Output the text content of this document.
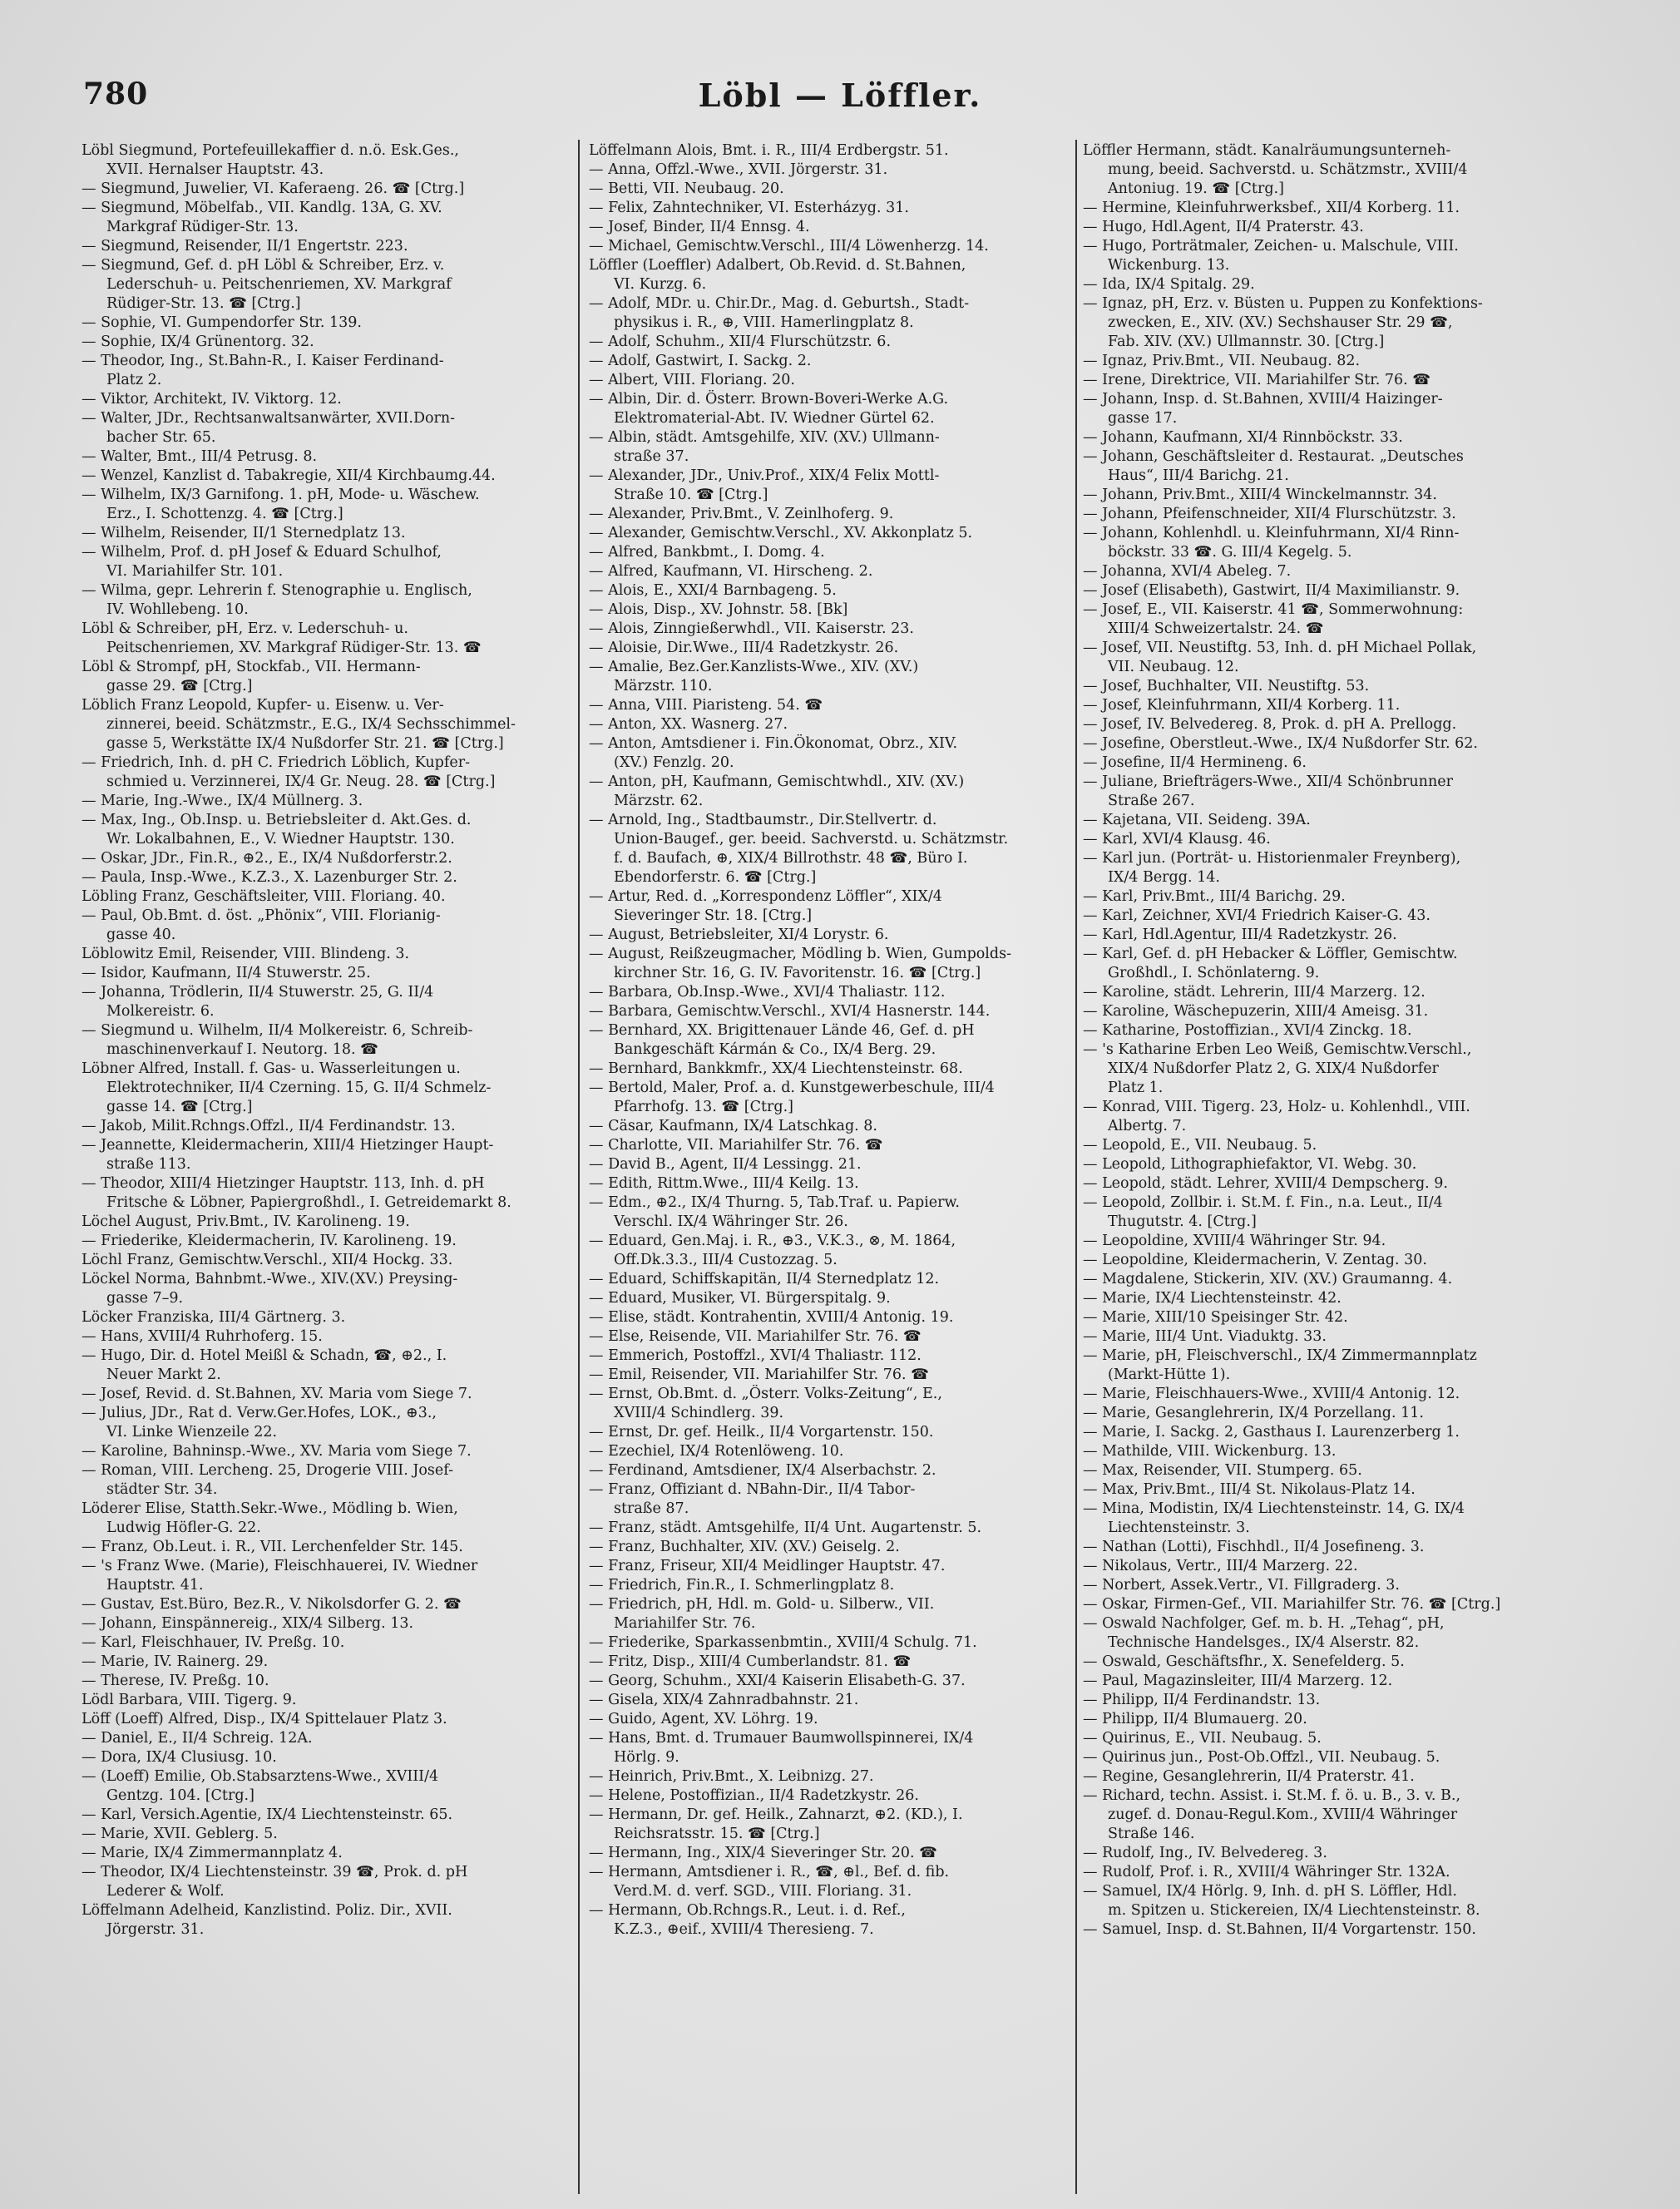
780	Löbl — Löffler.
Löbl Siegmund, Portefeuillekaffier d. n.ö. Esk.Ges.,
XVII. Hernalser Hauptstr. 43.
— Siegmund, Juwelier, VI. Kaferaeng. 26. ☎ [Ctrg.]
— Siegmund, Möbelfab., VII. Kandlg. 13A, G. XV.
Markgraf Rüdiger-Str. 13.
— Siegmund, Reisender, II/1 Engertstr. 223.
— Siegmund, Gef. d. pH Löbl & Schreiber, Erz. v.
Lederschuh- u. Peitschenriemen, XV. Markgraf
Rüdiger-Str. 13. ☎ [Ctrg.]
— Sophie, VI. Gumpendorfer Str. 139.
— Sophie, IX/4 Grünentorg. 32.
— Theodor, Ing., St.Bahn-R., I. Kaiser Ferdinand-
Platz 2.
— Viktor, Architekt, IV. Viktorg. 12.
— Walter, JDr., Rechtsanwaltsanwärter, XVII.Dorn-
bacher Str. 65.
— Walter, Bmt., III/4 Petrusg. 8.
— Wenzel, Kanzlist d. Tabakregie, XII/4 Kirchbaumg.44.
— Wilhelm, IX/3 Garnifong. 1. pH, Mode- u. Wäschew.
Erz., I. Schottenzg. 4. ☎ [Ctrg.]
— Wilhelm, Reisender, II/1 Sternedplatz 13.
— Wilhelm, Prof. d. pH Josef & Eduard Schulhof,
VI. Mariahilfer Str. 101.
— Wilma, gepr. Lehrerin f. Stenographie u. Englisch,
IV. Wohllebeng. 10.
Löbl & Schreiber, pH, Erz. v. Lederschuh- u.
Peitschenriemen, XV. Markgraf Rüdiger-Str. 13. ☎
Löbl & Strompf, pH, Stockfab., VII. Hermann-
gasse 29. ☎ [Ctrg.]
Löblich Franz Leopold, Kupfer- u. Eisenw. u. Ver-
zinnerei, beeid. Schätzmstr., E.G., IX/4 Sechsschimmel-
gasse 5, Werkstätte IX/4 Nußdorfer Str. 21. ☎ [Ctrg.]
— Friedrich, Inh. d. pH C. Friedrich Löblich, Kupfer-
schmied u. Verzinnerei, IX/4 Gr. Neug. 28. ☎ [Ctrg.]
— Marie, Ing.-Wwe., IX/4 Müllnerg. 3.
— Max, Ing., Ob.Insp. u. Betriebsleiter d. Akt.Ges. d.
Wr. Lokalbahnen, E., V. Wiedner Hauptstr. 130.
— Oskar, JDr., Fin.R., ⊕2., E., IX/4 Nußdorferstr.2.
— Paula, Insp.-Wwe., K.Z.3., X. Lazenburger Str. 2.
Löbling Franz, Geschäftsleiter, VIII. Floriang. 40.
— Paul, Ob.Bmt. d. öst. „Phönix“, VIII. Florianig-
gasse 40.
Löblowitz Emil, Reisender, VIII. Blindeng. 3.
— Isidor, Kaufmann, II/4 Stuwerstr. 25.
— Johanna, Trödlerin, II/4 Stuwerstr. 25, G. II/4
Molkereistr. 6.
— Siegmund u. Wilhelm, II/4 Molkereistr. 6, Schreib-
maschinenverkauf I. Neutorg. 18. ☎
Löbner Alfred, Install. f. Gas- u. Wasserleitungen u.
Elektrotechniker, II/4 Czerning. 15, G. II/4 Schmelz-
gasse 14. ☎ [Ctrg.]
— Jakob, Milit.Rchngs.Offzl., II/4 Ferdinandstr. 13.
— Jeannette, Kleidermacherin, XIII/4 Hietzinger Haupt-
straße 113.
— Theodor, XIII/4 Hietzinger Hauptstr. 113, Inh. d. pH
Fritsche & Löbner, Papiergroßhdl., I. Getreidemarkt 8.
Löchel August, Priv.Bmt., IV. Karolineng. 19.
— Friederike, Kleidermacherin, IV. Karolineng. 19.
Löchl Franz, Gemischtw.Verschl., XII/4 Hockg. 33.
Löckel Norma, Bahnbmt.-Wwe., XIV.(XV.) Preysing-
gasse 7–9.
Löcker Franziska, III/4 Gärtnerg. 3.
— Hans, XVIII/4 Ruhrhoferg. 15.
— Hugo, Dir. d. Hotel Meißl & Schadn, ☎, ⊕2., I.
Neuer Markt 2.
— Josef, Revid. d. St.Bahnen, XV. Maria vom Siege 7.
— Julius, JDr., Rat d. Verw.Ger.Hofes, LOK., ⊕3.,
VI. Linke Wienzeile 22.
— Karoline, Bahninsp.-Wwe., XV. Maria vom Siege 7.
— Roman, VIII. Lercheng. 25, Drogerie VIII. Josef-
städter Str. 34.
Löderer Elise, Statth.Sekr.-Wwe., Mödling b. Wien,
Ludwig Höfler-G. 22.
— Franz, Ob.Leut. i. R., VII. Lerchenfelder Str. 145.
— 's Franz Wwe. (Marie), Fleischhauerei, IV. Wiedner
Hauptstr. 41.
— Gustav, Est.Büro, Bez.R., V. Nikolsdorfer G. 2. ☎
— Johann, Einspännereig., XIX/4 Silberg. 13.
— Karl, Fleischhauer, IV. Preßg. 10.
— Marie, IV. Rainerg. 29.
— Therese, IV. Preßg. 10.
Lödl Barbara, VIII. Tigerg. 9.
Löff (Loeff) Alfred, Disp., IX/4 Spittelauer Platz 3.
— Daniel, E., II/4 Schreig. 12A.
— Dora, IX/4 Clusiusg. 10.
— (Loeff) Emilie, Ob.Stabsarztens-Wwe., XVIII/4
Gentzg. 104. [Ctrg.]
— Karl, Versich.Agentie, IX/4 Liechtensteinstr. 65.
— Marie, XVII. Geblerg. 5.
— Marie, IX/4 Zimmermannplatz 4.
— Theodor, IX/4 Liechtensteinstr. 39 ☎, Prok. d. pH
Lederer & Wolf.
Löffelmann Adelheid, Kanzlistind. Poliz. Dir., XVII.
Jörgerstr. 31.
Löffelmann Alois, Bmt. i. R., III/4 Erdbergstr. 51.
— Anna, Offzl.-Wwe., XVII. Jörgerstr. 31.
— Betti, VII. Neubaug. 20.
— Felix, Zahntechniker, VI. Esterházyg. 31.
— Josef, Binder, II/4 Ennsg. 4.
— Michael, Gemischtw.Verschl., III/4 Löwenherzg. 14.
Löffler (Loeffler) Adalbert, Ob.Revid. d. St.Bahnen,
VI. Kurzg. 6.
— Adolf, MDr. u. Chir.Dr., Mag. d. Geburtsh., Stadt-
physikus i. R., ⊕, VIII. Hamerlingplatz 8.
— Adolf, Schuhm., XII/4 Flurschützstr. 6.
— Adolf, Gastwirt, I. Sackg. 2.
— Albert, VIII. Floriang. 20.
— Albin, Dir. d. Österr. Brown-Boveri-Werke A.G.
Elektromaterial-Abt. IV. Wiedner Gürtel 62.
— Albin, städt. Amtsgehilfe, XIV. (XV.) Ullmann-
straße 37.
— Alexander, JDr., Univ.Prof., XIX/4 Felix Mottl-
Straße 10. ☎ [Ctrg.]
— Alexander, Priv.Bmt., V. Zeinlhoferg. 9.
— Alexander, Gemischtw.Verschl., XV. Akkonplatz 5.
— Alfred, Bankbmt., I. Domg. 4.
— Alfred, Kaufmann, VI. Hirscheng. 2.
— Alois, E., XXI/4 Barnbageng. 5.
— Alois, Disp., XV. Johnstr. 58. [Bk]
— Alois, Zinngießerwhdl., VII. Kaiserstr. 23.
— Aloisie, Dir.Wwe., III/4 Radetzkystr. 26.
— Amalie, Bez.Ger.Kanzlists-Wwe., XIV. (XV.)
Märzstr. 110.
— Anna, VIII. Piaristeng. 54. ☎
— Anton, XX. Wasnerg. 27.
— Anton, Amtsdiener i. Fin.Ökonomat, Obrz., XIV.
(XV.) Fenzlg. 20.
— Anton, pH, Kaufmann, Gemischtwhdl., XIV. (XV.)
Märzstr. 62.
— Arnold, Ing., Stadtbaumstr., Dir.Stellvertr. d.
Union-Baugef., ger. beeid. Sachverstd. u. Schätzmstr.
f. d. Baufach, ⊕, XIX/4 Billrothstr. 48 ☎, Büro I.
Ebendorferstr. 6. ☎ [Ctrg.]
— Artur, Red. d. „Korrespondenz Löffler“, XIX/4
Sieveringer Str. 18. [Ctrg.]
— August, Betriebsleiter, XI/4 Lorystr. 6.
— August, Reißzeugmacher, Mödling b. Wien, Gumpolds-
kirchner Str. 16, G. IV. Favoritenstr. 16. ☎ [Ctrg.]
— Barbara, Ob.Insp.-Wwe., XVI/4 Thaliastr. 112.
— Barbara, Gemischtw.Verschl., XVI/4 Hasnerstr. 144.
— Bernhard, XX. Brigittenauer Lände 46, Gef. d. pH
Bankgeschäft Kármán & Co., IX/4 Berg. 29.
— Bernhard, Bankkmfr., XX/4 Liechtensteinstr. 68.
— Bertold, Maler, Prof. a. d. Kunstgewerbeschule, III/4
Pfarrhofg. 13. ☎ [Ctrg.]
— Cäsar, Kaufmann, IX/4 Latschkag. 8.
— Charlotte, VII. Mariahilfer Str. 76. ☎
— David B., Agent, II/4 Lessingg. 21.
— Edith, Rittm.Wwe., III/4 Keilg. 13.
— Edm., ⊕2., IX/4 Thurng. 5, Tab.Traf. u. Papierw.
Verschl. IX/4 Währinger Str. 26.
— Eduard, Gen.Maj. i. R., ⊕3., V.K.3., ⊗, M. 1864,
Off.Dk.3.3., III/4 Custozzag. 5.
— Eduard, Schiffskapitän, II/4 Sternedplatz 12.
— Eduard, Musiker, VI. Bürgerspitalg. 9.
— Elise, städt. Kontrahentin, XVIII/4 Antonig. 19.
— Else, Reisende, VII. Mariahilfer Str. 76. ☎
— Emmerich, Postoffzl., XVI/4 Thaliastr. 112.
— Emil, Reisender, VII. Mariahilfer Str. 76. ☎
— Ernst, Ob.Bmt. d. „Österr. Volks-Zeitung“, E.,
XVIII/4 Schindlerg. 39.
— Ernst, Dr. gef. Heilk., II/4 Vorgartenstr. 150.
— Ezechiel, IX/4 Rotenlöweng. 10.
— Ferdinand, Amtsdiener, IX/4 Alserbachstr. 2.
— Franz, Offiziant d. NBahn-Dir., II/4 Tabor-
straße 87.
— Franz, städt. Amtsgehilfe, II/4 Unt. Augartenstr. 5.
— Franz, Buchhalter, XIV. (XV.) Geiselg. 2.
— Franz, Friseur, XII/4 Meidlinger Hauptstr. 47.
— Friedrich, Fin.R., I. Schmerlingplatz 8.
— Friedrich, pH, Hdl. m. Gold- u. Silberw., VII.
Mariahilfer Str. 76.
— Friederike, Sparkassenbmtin., XVIII/4 Schulg. 71.
— Fritz, Disp., XIII/4 Cumberlandstr. 81. ☎
— Georg, Schuhm., XXI/4 Kaiserin Elisabeth-G. 37.
— Gisela, XIX/4 Zahnradbahnstr. 21.
— Guido, Agent, XV. Löhrg. 19.
— Hans, Bmt. d. Trumauer Baumwollspinnerei, IX/4
Hörlg. 9.
— Heinrich, Priv.Bmt., X. Leibnizg. 27.
— Helene, Postoffizian., II/4 Radetzkystr. 26.
— Hermann, Dr. gef. Heilk., Zahnarzt, ⊕2. (KD.), I.
Reichsratsstr. 15. ☎ [Ctrg.]
— Hermann, Ing., XIX/4 Sieveringer Str. 20. ☎
— Hermann, Amtsdiener i. R., ☎, ⊕l., Bef. d. fib.
Verd.M. d. verf. SGD., VIII. Floriang. 31.
— Hermann, Ob.Rchngs.R., Leut. i. d. Ref.,
K.Z.3., ⊕eif., XVIII/4 Theresieng. 7.
Löffler Hermann, städt. Kanalräumungsunterneh-
mung, beeid. Sachverstd. u. Schätzmstr., XVIII/4
Antoniug. 19. ☎ [Ctrg.]
— Hermine, Kleinfuhrwerksbef., XII/4 Korberg. 11.
— Hugo, Hdl.Agent, II/4 Praterstr. 43.
— Hugo, Porträtmaler, Zeichen- u. Malschule, VIII.
Wickenburg. 13.
— Ida, IX/4 Spitalg. 29.
— Ignaz, pH, Erz. v. Büsten u. Puppen zu Konfektions-
zwecken, E., XIV. (XV.) Sechshauser Str. 29 ☎,
Fab. XIV. (XV.) Ullmannstr. 30. [Ctrg.]
— Ignaz, Priv.Bmt., VII. Neubaug. 82.
— Irene, Direktrice, VII. Mariahilfer Str. 76. ☎
— Johann, Insp. d. St.Bahnen, XVIII/4 Haizinger-
gasse 17.
— Johann, Kaufmann, XI/4 Rinnböckstr. 33.
— Johann, Geschäftsleiter d. Restaurat. „Deutsches
Haus“, III/4 Barichg. 21.
— Johann, Priv.Bmt., XIII/4 Winckelmannstr. 34.
— Johann, Pfeifenschneider, XII/4 Flurschützstr. 3.
— Johann, Kohlenhdl. u. Kleinfuhrmann, XI/4 Rinn-
böckstr. 33 ☎. G. III/4 Kegelg. 5.
— Johanna, XVI/4 Abeleg. 7.
— Josef (Elisabeth), Gastwirt, II/4 Maximilianstr. 9.
— Josef, E., VII. Kaiserstr. 41 ☎, Sommerwohnung:
XIII/4 Schweizertalstr. 24. ☎
— Josef, VII. Neustiftg. 53, Inh. d. pH Michael Pollak,
VII. Neubaug. 12.
— Josef, Buchhalter, VII. Neustiftg. 53.
— Josef, Kleinfuhrmann, XII/4 Korberg. 11.
— Josef, IV. Belvedereg. 8, Prok. d. pH A. Prellogg.
— Josefine, Oberstleut.-Wwe., IX/4 Nußdorfer Str. 62.
— Josefine, II/4 Hermineng. 6.
— Juliane, Briefträgers-Wwe., XII/4 Schönbrunner
Straße 267.
— Kajetana, VII. Seideng. 39A.
— Karl, XVI/4 Klausg. 46.
— Karl jun. (Porträt- u. Historienmaler Freynberg),
IX/4 Bergg. 14.
— Karl, Priv.Bmt., III/4 Barichg. 29.
— Karl, Zeichner, XVI/4 Friedrich Kaiser-G. 43.
— Karl, Hdl.Agentur, III/4 Radetzkystr. 26.
— Karl, Gef. d. pH Hebacker & Löffler, Gemischtw.
Großhdl., I. Schönlaterng. 9.
— Karoline, städt. Lehrerin, III/4 Marzerg. 12.
— Karoline, Wäschepuzerin, XIII/4 Ameisg. 31.
— Katharine, Postoffizian., XVI/4 Zinckg. 18.
— 's Katharine Erben Leo Weiß, Gemischtw.Verschl.,
XIX/4 Nußdorfer Platz 2, G. XIX/4 Nußdorfer
Platz 1.
— Konrad, VIII. Tigerg. 23, Holz- u. Kohlenhdl., VIII.
Albertg. 7.
— Leopold, E., VII. Neubaug. 5.
— Leopold, Lithographiefaktor, VI. Webg. 30.
— Leopold, städt. Lehrer, XVIII/4 Dempscherg. 9.
— Leopold, Zollbir. i. St.M. f. Fin., n.a. Leut., II/4
Thugutstr. 4. [Ctrg.]
— Leopoldine, XVIII/4 Währinger Str. 94.
— Leopoldine, Kleidermacherin, V. Zentag. 30.
— Magdalene, Stickerin, XIV. (XV.) Graumanng. 4.
— Marie, IX/4 Liechtensteinstr. 42.
— Marie, XIII/10 Speisinger Str. 42.
— Marie, III/4 Unt. Viaduktg. 33.
— Marie, pH, Fleischverschl., IX/4 Zimmermannplatz
(Markt-Hütte 1).
— Marie, Fleischhauers-Wwe., XVIII/4 Antonig. 12.
— Marie, Gesanglehrerin, IX/4 Porzellang. 11.
— Marie, I. Sackg. 2, Gasthaus I. Laurenzerberg 1.
— Mathilde, VIII. Wickenburg. 13.
— Max, Reisender, VII. Stumperg. 65.
— Max, Priv.Bmt., III/4 St. Nikolaus-Platz 14.
— Mina, Modistin, IX/4 Liechtensteinstr. 14, G. IX/4
Liechtensteinstr. 3.
— Nathan (Lotti), Fischhdl., II/4 Josefineng. 3.
— Nikolaus, Vertr., III/4 Marzerg. 22.
— Norbert, Assek.Vertr., VI. Fillgraderg. 3.
— Oskar, Firmen-Gef., VII. Mariahilfer Str. 76. ☎ [Ctrg.]
— Oswald Nachfolger, Gef. m. b. H. „Tehag“, pH,
Technische Handelsges., IX/4 Alserstr. 82.
— Oswald, Geschäftsfhr., X. Senefelderg. 5.
— Paul, Magazinsleiter, III/4 Marzerg. 12.
— Philipp, II/4 Ferdinandstr. 13.
— Philipp, II/4 Blumauerg. 20.
— Quirinus, E., VII. Neubaug. 5.
— Quirinus jun., Post-Ob.Offzl., VII. Neubaug. 5.
— Regine, Gesanglehrerin, II/4 Praterstr. 41.
— Richard, techn. Assist. i. St.M. f. ö. u. B., 3. v. B.,
zugef. d. Donau-Regul.Kom., XVIII/4 Währinger
Straße 146.
— Rudolf, Ing., IV. Belvedereg. 3.
— Rudolf, Prof. i. R., XVIII/4 Währinger Str. 132A.
— Samuel, IX/4 Hörlg. 9, Inh. d. pH S. Löffler, Hdl.
m. Spitzen u. Stickereien, IX/4 Liechtensteinstr. 8.
— Samuel, Insp. d. St.Bahnen, II/4 Vorgartenstr. 150.
